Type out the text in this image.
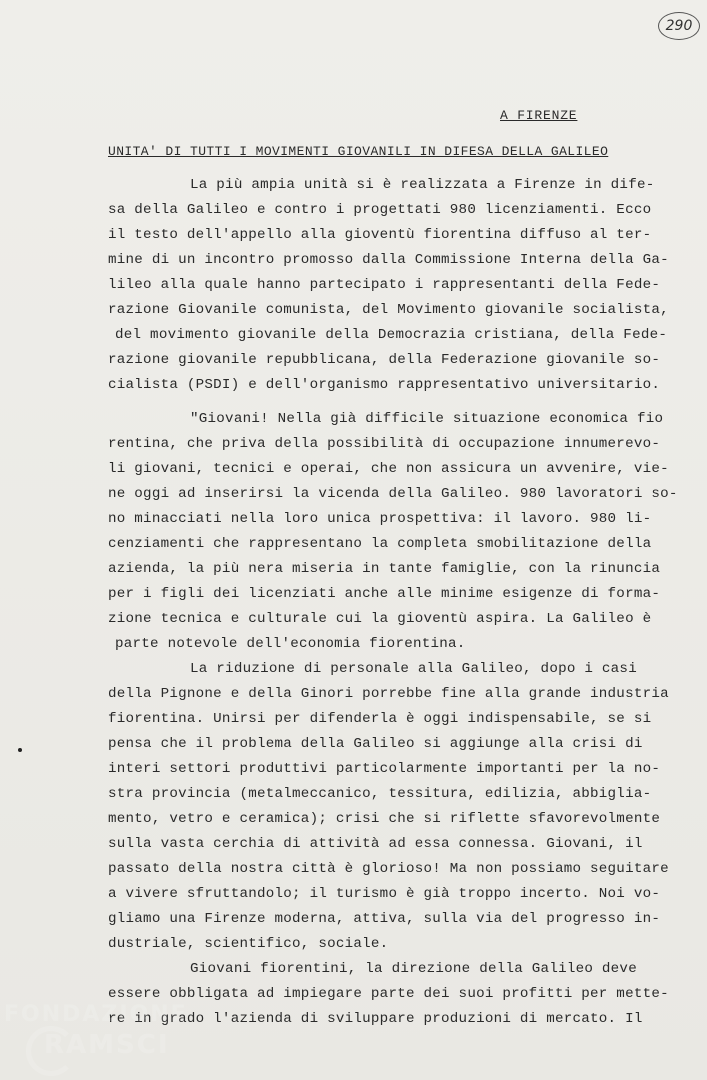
290
A FIRENZE
UNITA' DI TUTTI I MOVIMENTI GIOVANILI IN DIFESA DELLA GALILEO
La più ampia unità si è realizzata a Firenze in dife-
sa della Galileo e contro i progettati 980 licenziamenti. Ecco
il testo dell'appello alla gioventù fiorentina diffuso al ter-
mine di un incontro promosso dalla Commissione Interna della Ga-
lileo alla quale hanno partecipato i rappresentanti della Fede-
razione Giovanile comunista, del Movimento giovanile socialista,
del movimento giovanile della Democrazia cristiana, della Fede-
razione giovanile repubblicana, della Federazione giovanile so-
cialista (PSDI) e dell'organismo rappresentativo universitario.
"Giovani! Nella già difficile situazione economica fio
rentina, che priva della possibilità di occupazione innumerevo-
li giovani, tecnici e operai, che non assicura un avvenire, vie-
ne oggi ad inserirsi la vicenda della Galileo. 980 lavoratori so-
no minacciati nella loro unica prospettiva: il lavoro. 980 li-
cenziamenti che rappresentano la completa smobilitazione della
azienda, la più nera miseria in tante famiglie, con la rinuncia
per i figli dei licenziati anche alle minime esigenze di forma-
zione tecnica e culturale cui la gioventù aspira. La Galileo è
parte notevole dell'economia fiorentina.
La riduzione di personale alla Galileo, dopo i casi
della Pignone e della Ginori porrebbe fine alla grande industria
fiorentina. Unirsi per difenderla è oggi indispensabile, se si
pensa che il problema della Galileo si aggiunge alla crisi di
interi settori produttivi particolarmente importanti per la no-
stra provincia (metalmeccanico, tessitura, edilizia, abbiglia-
mento, vetro e ceramica); crisi che si riflette sfavorevolmente
sulla vasta cerchia di attività ad essa connessa. Giovani, il
passato della nostra città è glorioso! Ma non possiamo seguitare
a vivere sfruttandolo; il turismo è già troppo incerto. Noi vo-
gliamo una Firenze moderna, attiva, sulla via del progresso in-
dustriale, scientifico, sociale.
Giovani fiorentini, la direzione della Galileo deve
essere obbligata ad impiegare parte dei suoi profitti per mette-
re in grado l'azienda di sviluppare produzioni di mercato. Il
FONDAZIONE
RAMSCI
